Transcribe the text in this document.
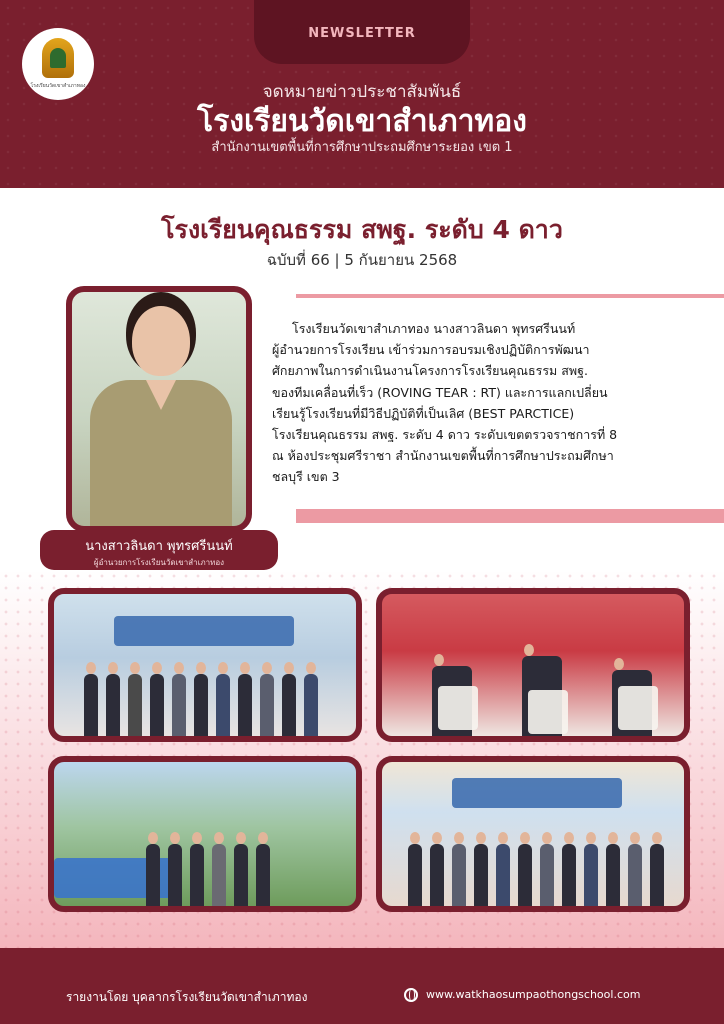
NEWSLETTER
โรงเรียนวัดเขาสำเภาทอง	จดหมายข่าวประชาสัมพันธ์
โรงเรียนวัดเขาสำเภาทอง
สำนักงานเขตพื้นที่การศึกษาประถมศึกษาระยอง เขต 1
โรงเรียนคุณธรรม สพฐ. ระดับ 4 ดาว
ฉบับที่ 66 | 5 กันยายน 2568
นางสาวลินดา พุทรศรีนนท์
ผู้อำนวยการโรงเรียนวัดเขาสำเภาทอง
โรงเรียนวัดเขาสำเภาทอง นางสาวลินดา พุทรศรีนนท์
ผู้อำนวยการโรงเรียน เข้าร่วมการอบรมเชิงปฏิบัติการพัฒนา
ศักยภาพในการดำเนินงานโครงการโรงเรียนคุณธรรม สพฐ.
ของทีมเคลื่อนที่เร็ว (ROVING TEAR : RT) และการแลกเปลี่ยน
เรียนรู้โรงเรียนที่มีวิธีปฏิบัติที่เป็นเลิศ (BEST PARCTICE)
โรงเรียนคุณธรรม สพฐ. ระดับ 4 ดาว ระดับเขตตรวจราชการที่ 8
ณ ห้องประชุมศรีราชา สำนักงานเขตพื้นที่การศึกษาประถมศึกษา
ชลบุรี เขต 3
รายงานโดย บุคลากรโรงเรียนวัดเขาสำเภาทอง	www.watkhaosumpaothongschool.com
